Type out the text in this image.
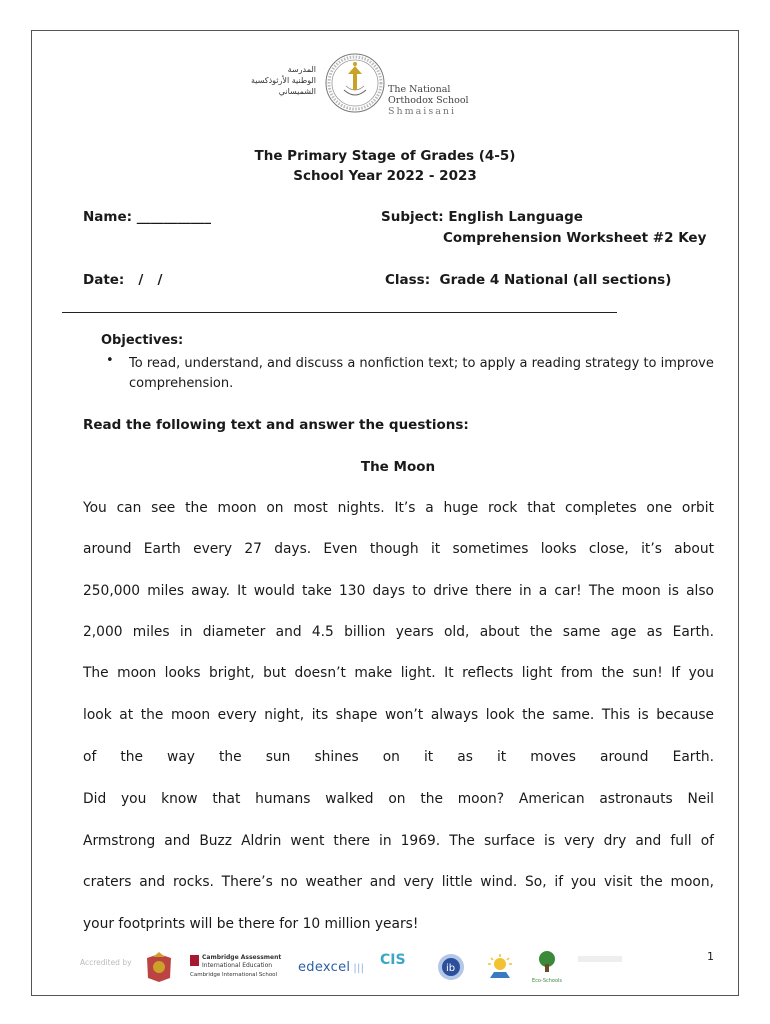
المدرسة
الوطنية الأرثوذكسية
الشميساني	The National
Orthodox School
Shmaisani
The Primary Stage of Grades (4-5)
School Year 2022 - 2023
Name: ___________	Subject: English Language
Comprehension Worksheet #2 Key
Date:   /   /	Class:  Grade 4 National (all sections)
Objectives:
• To read, understand, and discuss a nonfiction text; to apply a reading strategy to improve comprehension.
Read the following text and answer the questions:
The Moon
You can see the moon on most nights. It’s a huge rock that completes one orbit
around Earth every 27 days. Even though it sometimes looks close, it’s about
250,000 miles away. It would take 130 days to drive there in a car! The moon is also
2,000 miles in diameter and 4.5 billion years old, about the same age as Earth.
The moon looks bright, but doesn’t make light. It reflects light from the sun! If you
look at the moon every night, its shape won’t always look the same. This is because
of the way the sun shines on it as it moves around Earth.
Did you know that humans walked on the moon? American astronauts Neil
Armstrong and Buzz Aldrin went there in 1969. The surface is very dry and full of
craters and rocks. There’s no weather and very little wind. So, if you visit the moon,
your footprints will be there for 10 million years!
Accredited by
Cambridge Assessment
International Education
Cambridge International School	edexcel |||
CIS
ib
Eco-Schools
1
